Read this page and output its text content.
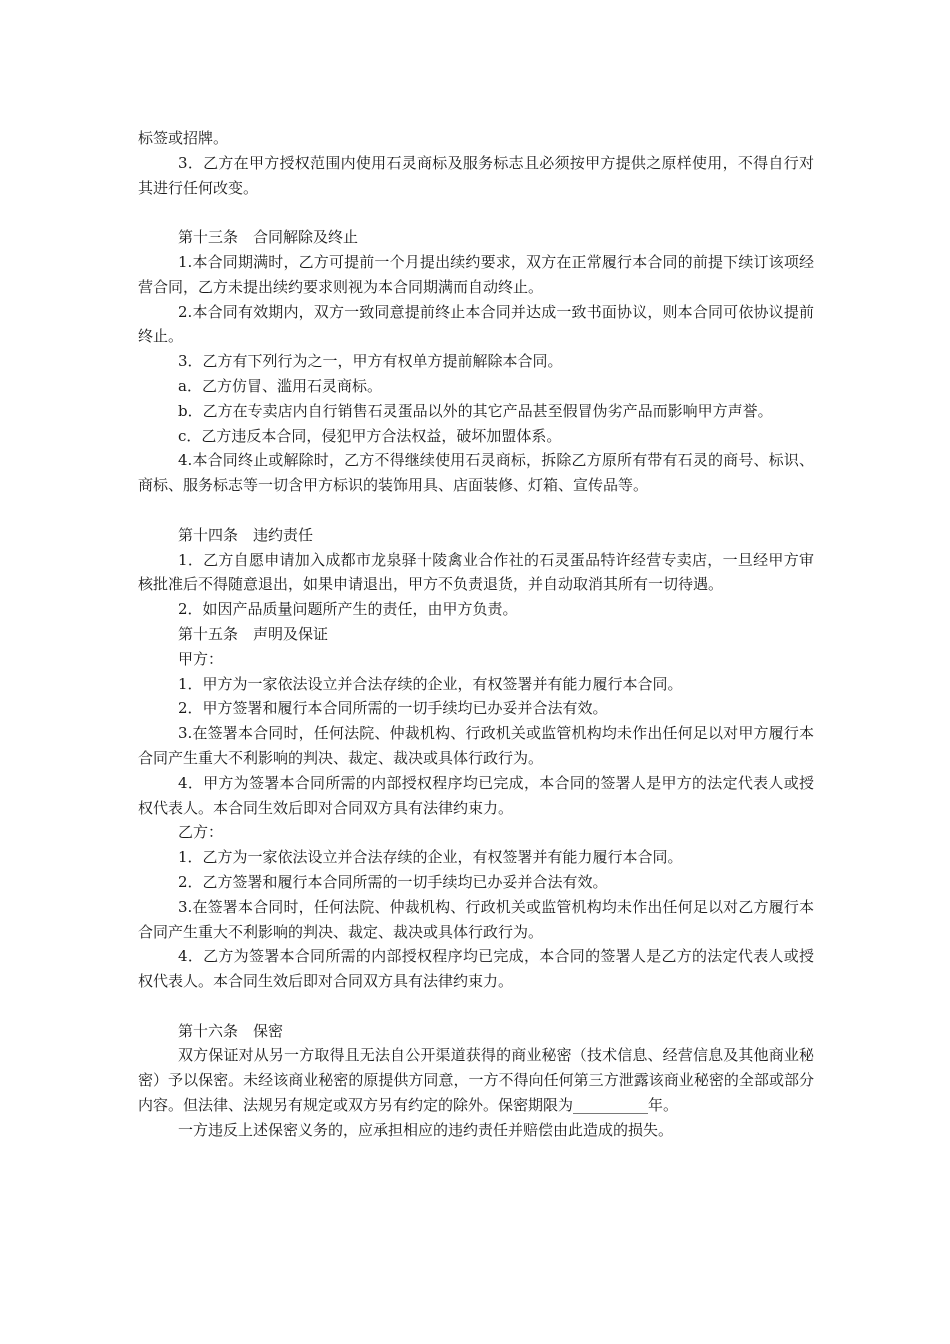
标签或招牌。

3．乙方在甲方授权范围内使用石灵商标及服务标志且必须按甲方提供之原样使用，不得自行对其进行任何改变。

第十三条　合同解除及终止

1.本合同期满时，乙方可提前一个月提出续约要求，双方在正常履行本合同的前提下续订该项经营合同，乙方未提出续约要求则视为本合同期满而自动终止。

2.本合同有效期内，双方一致同意提前终止本合同并达成一致书面协议，则本合同可依协议提前终止。

3．乙方有下列行为之一，甲方有权单方提前解除本合同。

a．乙方仿冒、滥用石灵商标。

b．乙方在专卖店内自行销售石灵蛋品以外的其它产品甚至假冒伪劣产品而影响甲方声誉。

c．乙方违反本合同，侵犯甲方合法权益，破坏加盟体系。

4.本合同终止或解除时，乙方不得继续使用石灵商标，拆除乙方原所有带有石灵的商号、标识、商标、服务标志等一切含甲方标识的装饰用具、店面装修、灯箱、宣传品等。

第十四条　违约责任

1．乙方自愿申请加入成都市龙泉驿十陵禽业合作社的石灵蛋品特许经营专卖店，一旦经甲方审核批准后不得随意退出，如果申请退出，甲方不负责退货，并自动取消其所有一切待遇。

2．如因产品质量问题所产生的责任，由甲方负责。

第十五条　声明及保证

甲方：

1．甲方为一家依法设立并合法存续的企业，有权签署并有能力履行本合同。

2．甲方签署和履行本合同所需的一切手续均已办妥并合法有效。

3.在签署本合同时，任何法院、仲裁机构、行政机关或监管机构均未作出任何足以对甲方履行本合同产生重大不利影响的判决、裁定、裁决或具体行政行为。

4．甲方为签署本合同所需的内部授权程序均已完成，本合同的签署人是甲方的法定代表人或授权代表人。本合同生效后即对合同双方具有法律约束力。

乙方：

1．乙方为一家依法设立并合法存续的企业，有权签署并有能力履行本合同。

2．乙方签署和履行本合同所需的一切手续均已办妥并合法有效。

3.在签署本合同时，任何法院、仲裁机构、行政机关或监管机构均未作出任何足以对乙方履行本合同产生重大不利影响的判决、裁定、裁决或具体行政行为。

4．乙方为签署本合同所需的内部授权程序均已完成，本合同的签署人是乙方的法定代表人或授权代表人。本合同生效后即对合同双方具有法律约束力。

第十六条　保密

双方保证对从另一方取得且无法自公开渠道获得的商业秘密（技术信息、经营信息及其他商业秘密）予以保密。未经该商业秘密的原提供方同意，一方不得向任何第三方泄露该商业秘密的全部或部分内容。但法律、法规另有规定或双方另有约定的除外。保密期限为__________年。

一方违反上述保密义务的，应承担相应的违约责任并赔偿由此造成的损失。
